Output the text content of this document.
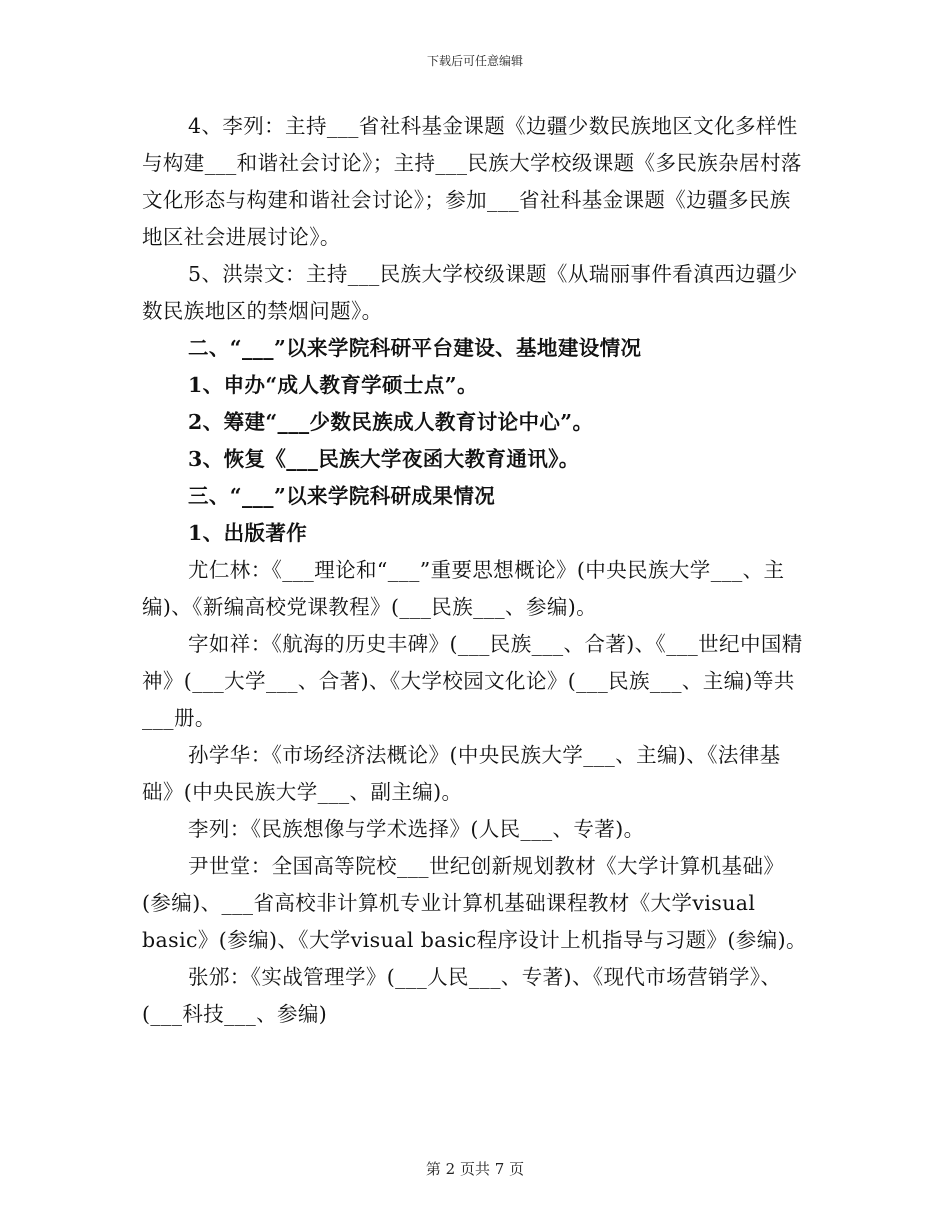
下载后可任意编辑

4、李列：主持___省社科基金课题《边疆少数民族地区文化多样性与构建___和谐社会讨论》；主持___民族大学校级课题《多民族杂居村落文化形态与构建和谐社会讨论》；参加___省社科基金课题《边疆多民族地区社会进展讨论》。

5、洪崇文：主持___民族大学校级课题《从瑞丽事件看滇西边疆少数民族地区的禁烟问题》。

二、“___”以来学院科研平台建设、基地建设情况

1、申办“成人教育学硕士点”。

2、筹建“___少数民族成人教育讨论中心”。

3、恢复《___民族大学夜函大教育通讯》。

三、“___”以来学院科研成果情况

1、出版著作

尤仁林：《___理论和“___”重要思想概论》(中央民族大学___、主编)、《新编高校党课教程》(___民族___、参编)。

字如祥：《航海的历史丰碑》(___民族___、合著)、《___世纪中国精神》(___大学___、合著)、《大学校园文化论》(___民族___、主编)等共___册。

孙学华：《市场经济法概论》(中央民族大学___、主编)、《法律基础》(中央民族大学___、副主编)。

李列：《民族想像与学术选择》(人民___、专著)。

尹世堂：全国高等院校___世纪创新规划教材《大学计算机基础》(参编)、___省高校非计算机专业计算机基础课程教材《大学visual basic》(参编)、《大学visual basic程序设计上机指导与习题》(参编)。

张邠：《实战管理学》(___人民___、专著)、《现代市场营销学》、(___科技___、参编)

第 2 页共 7 页
